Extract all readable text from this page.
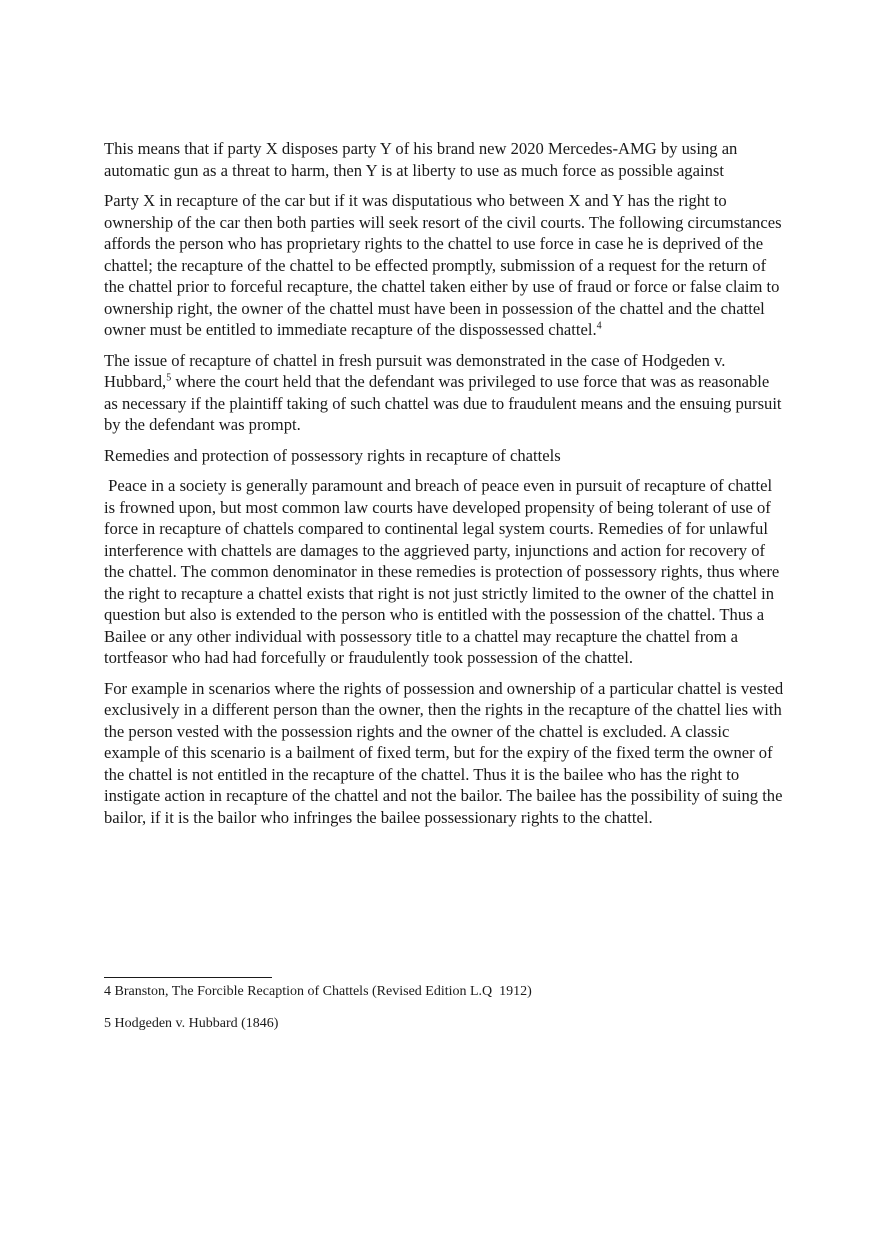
This means that if party X disposes party Y of his brand new 2020 Mercedes-AMG by using an automatic gun as a threat to harm, then Y is at liberty to use as much force as possible against

Party X in recapture of the car but if it was disputatious who between X and Y has the right to ownership of the car then both parties will seek resort of the civil courts. The following circumstances affords the person who has proprietary rights to the chattel to use force in case he is deprived of the chattel; the recapture of the chattel to be effected promptly, submission of a request for the return of the chattel prior to forceful recapture, the chattel taken either by use of fraud or force or false claim to ownership right, the owner of the chattel must have been in possession of the chattel and the chattel owner must be entitled to immediate recapture of the dispossessed chattel.$^4$

The issue of recapture of chattel in fresh pursuit was demonstrated in the case of Hodgeden v. Hubbard,$^5$ where the court held that the defendant was privileged to use force that was as reasonable as necessary if the plaintiff taking of such chattel was due to fraudulent means and the ensuing pursuit by the defendant was prompt.

Remedies and protection of possessory rights in recapture of chattels

Peace in a society is generally paramount and breach of peace even in pursuit of recapture of chattel is frowned upon, but most common law courts have developed propensity of being tolerant of use of force in recapture of chattels compared to continental legal system courts. Remedies of for unlawful interference with chattels are damages to the aggrieved party, injunctions and action for recovery of the chattel. The common denominator in these remedies is protection of possessory rights, thus where the right to recapture a chattel exists that right is not just strictly limited to the owner of the chattel in question but also is extended to the person who is entitled with the possession of the chattel. Thus a Bailee or any other individual with possessory title to a chattel may recapture the chattel from a tortfeasor who had had forcefully or fraudulently took possession of the chattel.

For example in scenarios where the rights of possession and ownership of a particular chattel is vested exclusively in a different person than the owner, then the rights in the recapture of the chattel lies with the person vested with the possession rights and the owner of the chattel is excluded. A classic example of this scenario is a bailment of fixed term, but for the expiry of the fixed term the owner of the chattel is not entitled in the recapture of the chattel. Thus it is the bailee who has the right to instigate action in recapture of the chattel and not the bailor. The bailee has the possibility of suing the bailor, if it is the bailor who infringes the bailee possessionary rights to the chattel.

4 Branston, The Forcible Recaption of Chattels (Revised Edition L.Q  1912)

5 Hodgeden v. Hubbard (1846)
